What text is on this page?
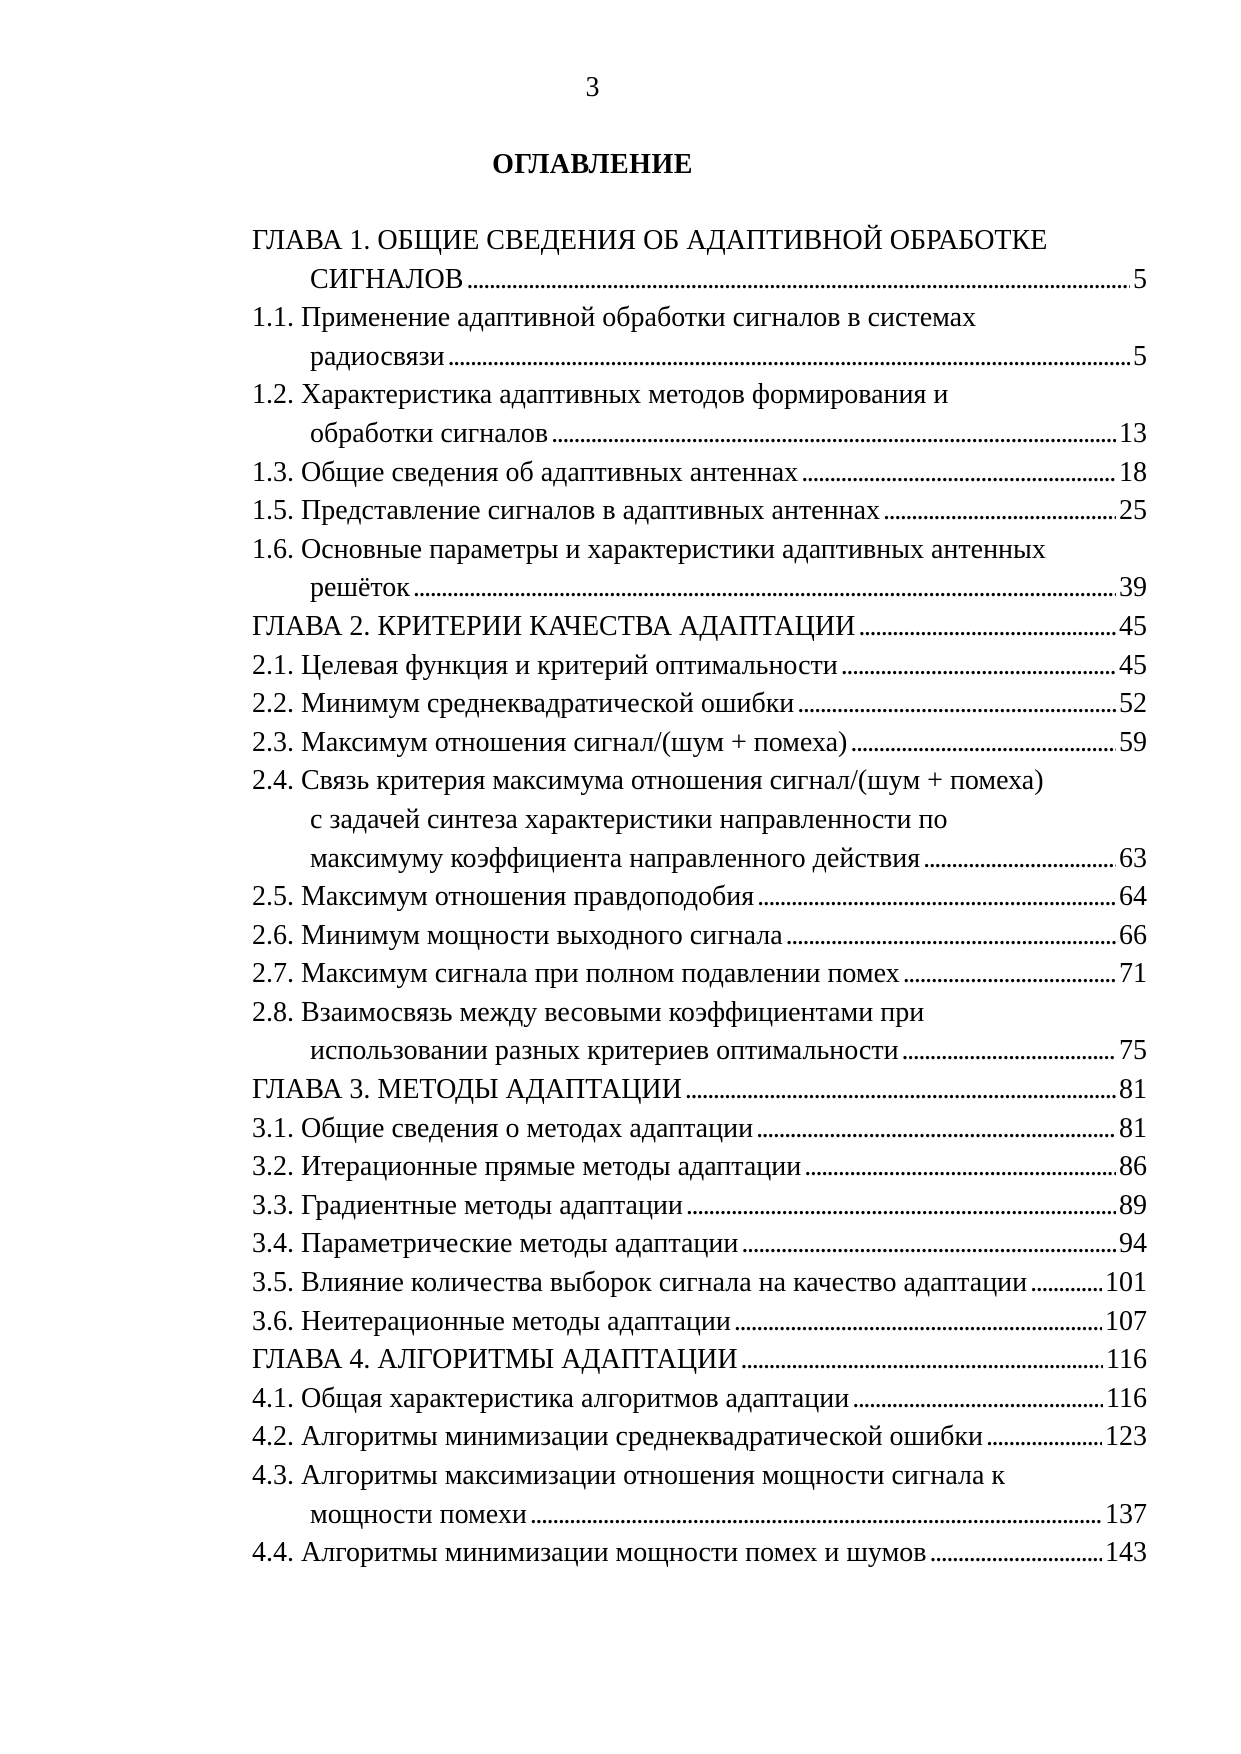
3
ОГЛАВЛЕНИЕ
ГЛАВА 1. ОБЩИЕ СВЕДЕНИЯ ОБ АДАПТИВНОЙ ОБРАБОТКЕ
СИГНАЛОВ . . .	5
1.1. Применение адаптивной обработки сигналов в системах
радиосвязи . . .	5
1.2. Характеристика адаптивных методов формирования и
обработки сигналов . . .	13
1.3. Общие сведения об адаптивных антеннах . . .	18
1.5. Представление сигналов в адаптивных антеннах . . .	25
1.6. Основные параметры и характеристики адаптивных антенных
решёток . . .	39
ГЛАВА 2. КРИТЕРИИ КАЧЕСТВА АДАПТАЦИИ . . .	45
2.1. Целевая функция и критерий оптимальности . . .	45
2.2. Минимум среднеквадратической ошибки . . .	52
2.3. Максимум отношения сигнал/(шум + помеха) . . .	59
2.4. Связь критерия максимума отношения сигнал/(шум + помеха)
с задачей синтеза характеристики направленности по
максимуму коэффициента направленного действия . . .	63
2.5. Максимум отношения правдоподобия . . .	64
2.6. Минимум мощности выходного сигнала . . .	66
2.7. Максимум сигнала при полном подавлении помех . . .	71
2.8. Взаимосвязь между весовыми коэффициентами при
использовании разных критериев оптимальности . . .	75
ГЛАВА 3. МЕТОДЫ АДАПТАЦИИ . . .	81
3.1. Общие сведения о методах адаптации . . .	81
3.2. Итерационные прямые методы адаптации . . .	86
3.3. Градиентные методы адаптации . . .	89
3.4. Параметрические методы адаптации . . .	94
3.5. Влияние количества выборок сигнала на качество адаптации . . .	101
3.6. Неитерационные методы адаптации . . .	107
ГЛАВА 4. АЛГОРИТМЫ АДАПТАЦИИ . . .	116
4.1. Общая характеристика алгоритмов адаптации . . .	116
4.2. Алгоритмы минимизации среднеквадратической ошибки . . .	123
4.3. Алгоритмы максимизации отношения мощности сигнала к
мощности помехи . . .	137
4.4. Алгоритмы минимизации мощности помех и шумов . . .	143
